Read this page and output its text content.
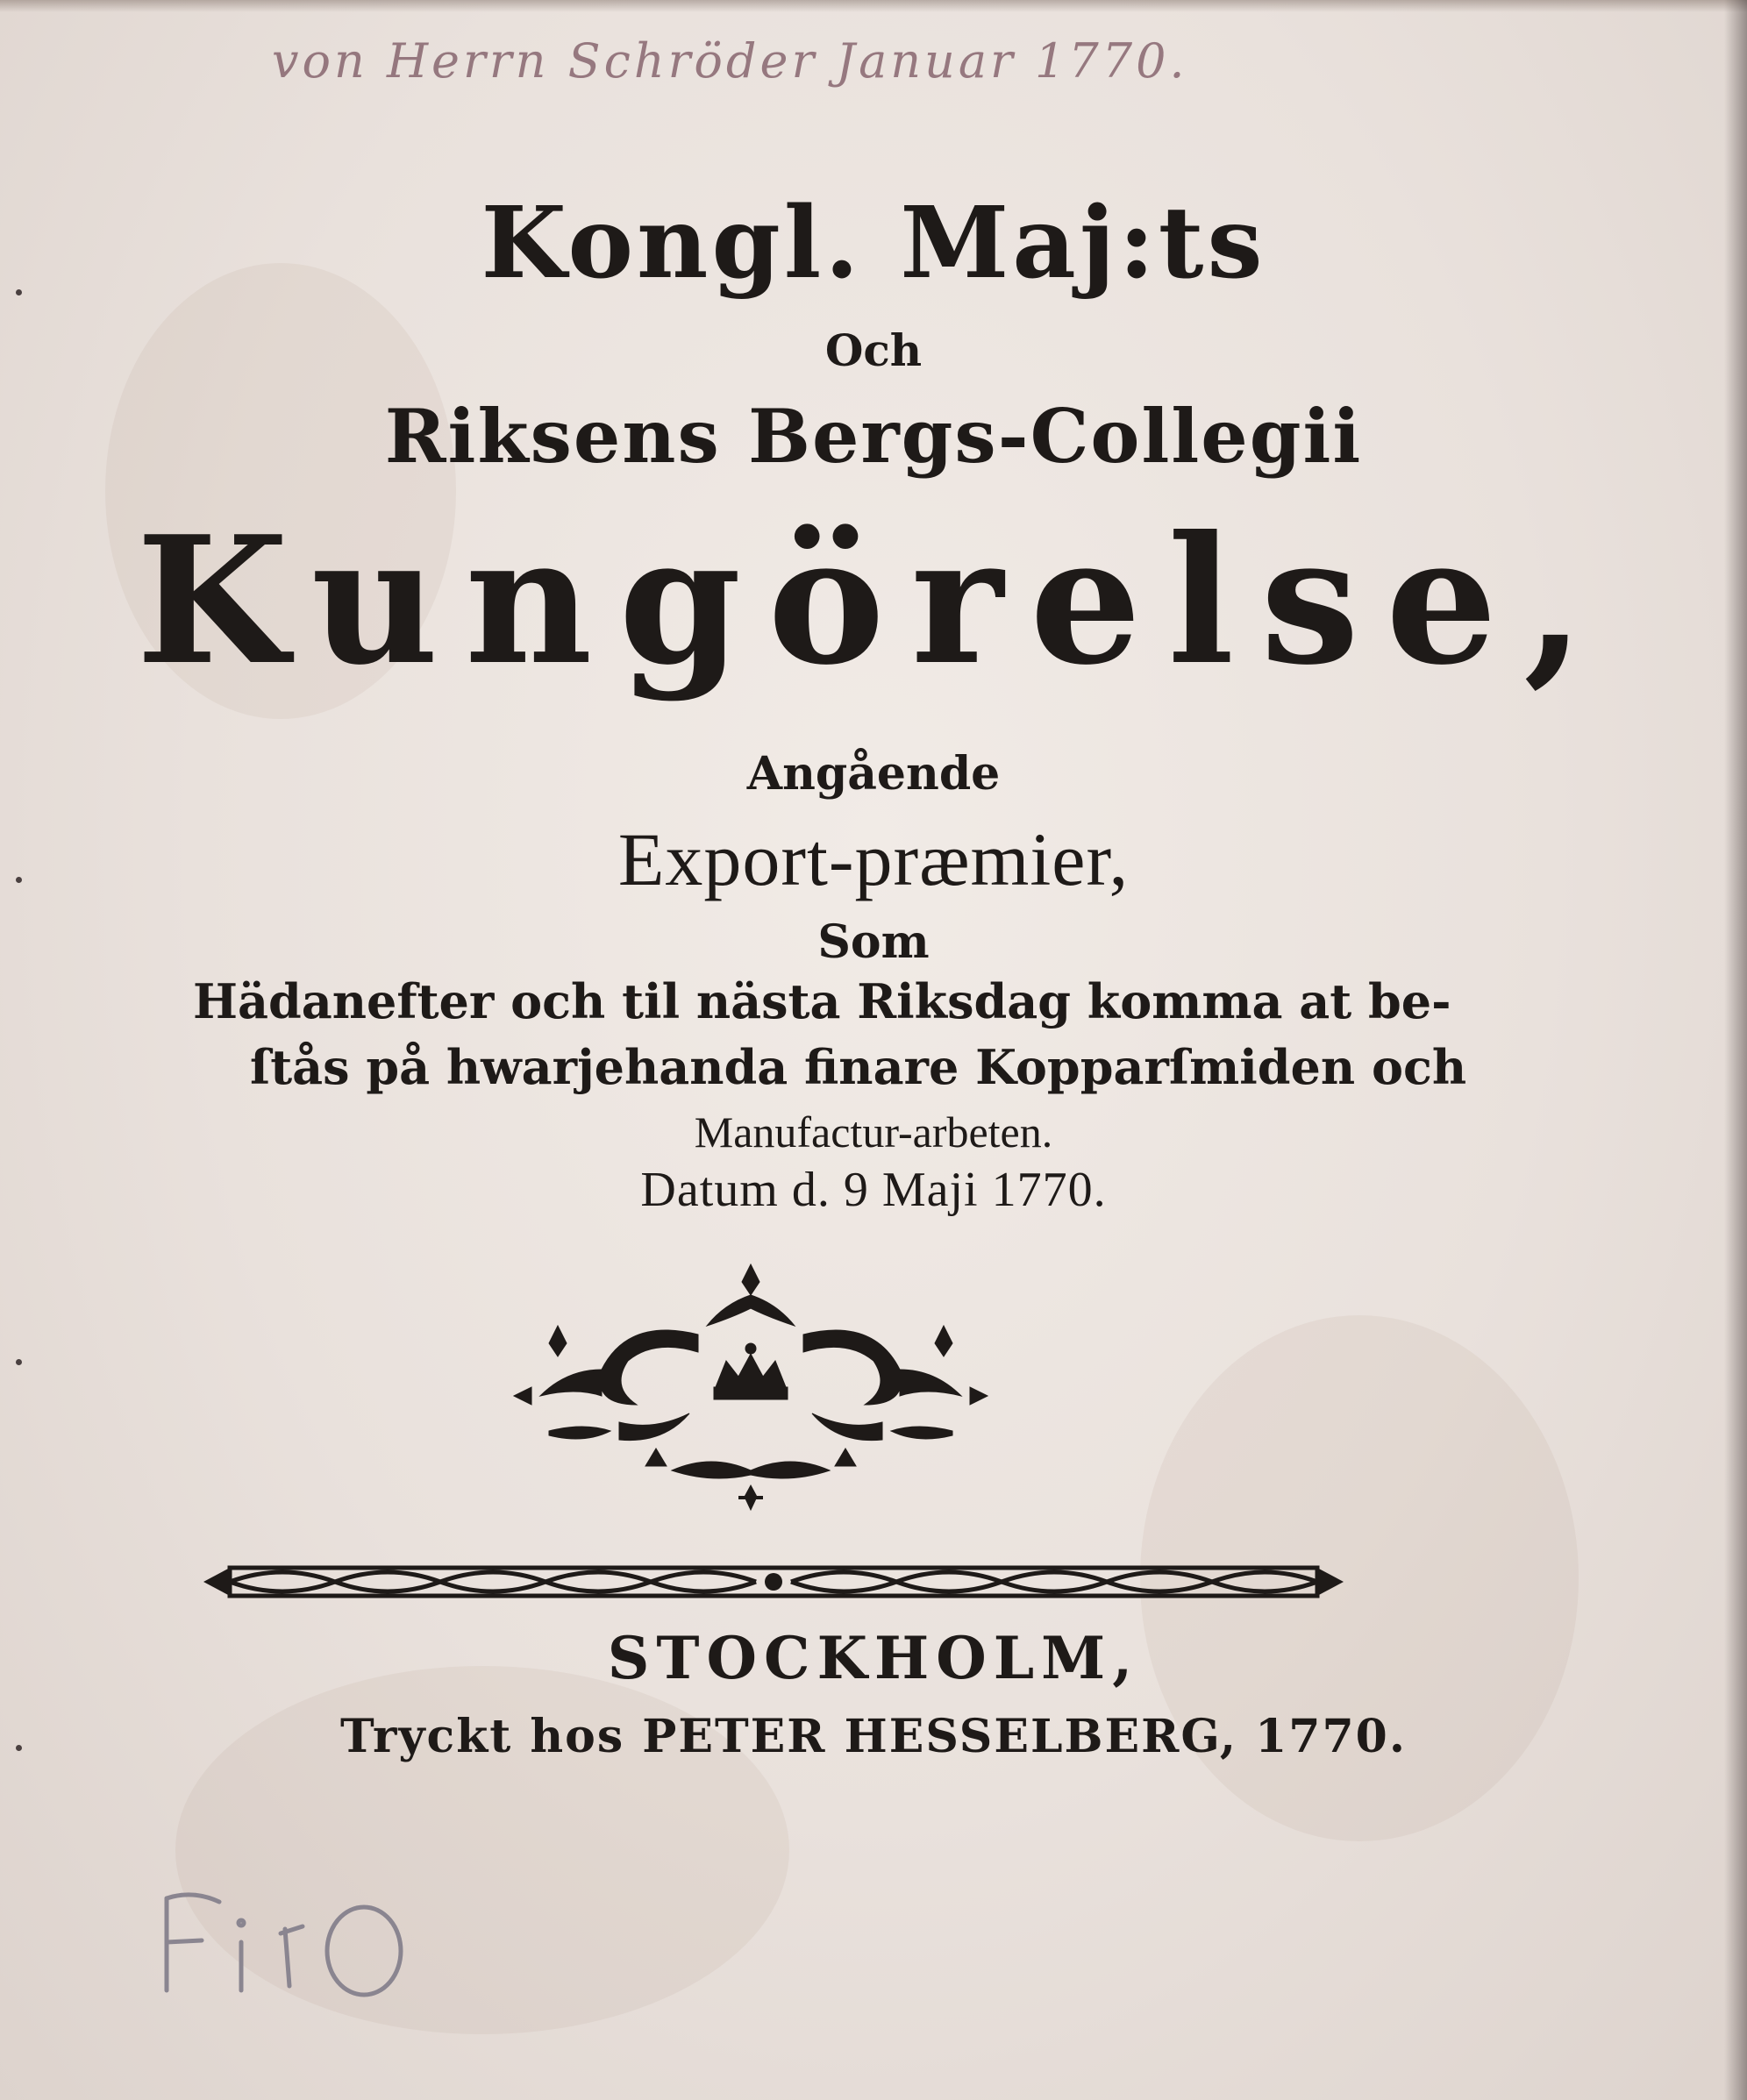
von Herrn Schröder Januar 1770.
Kongl. Maj:ts
Och
Riksens Bergs-Collegii
Kungörelse,
Angående
Export-præmier,
Som
Hädanefter och til nästa Riksdag komma at be-
ſtås på hwarjehanda finare Kopparſmiden och
Manufactur-arbeten.
Datum d. 9 Maji 1770.
STOCKHOLM,
Tryckt hos PETER HESSELBERG, 1770.
